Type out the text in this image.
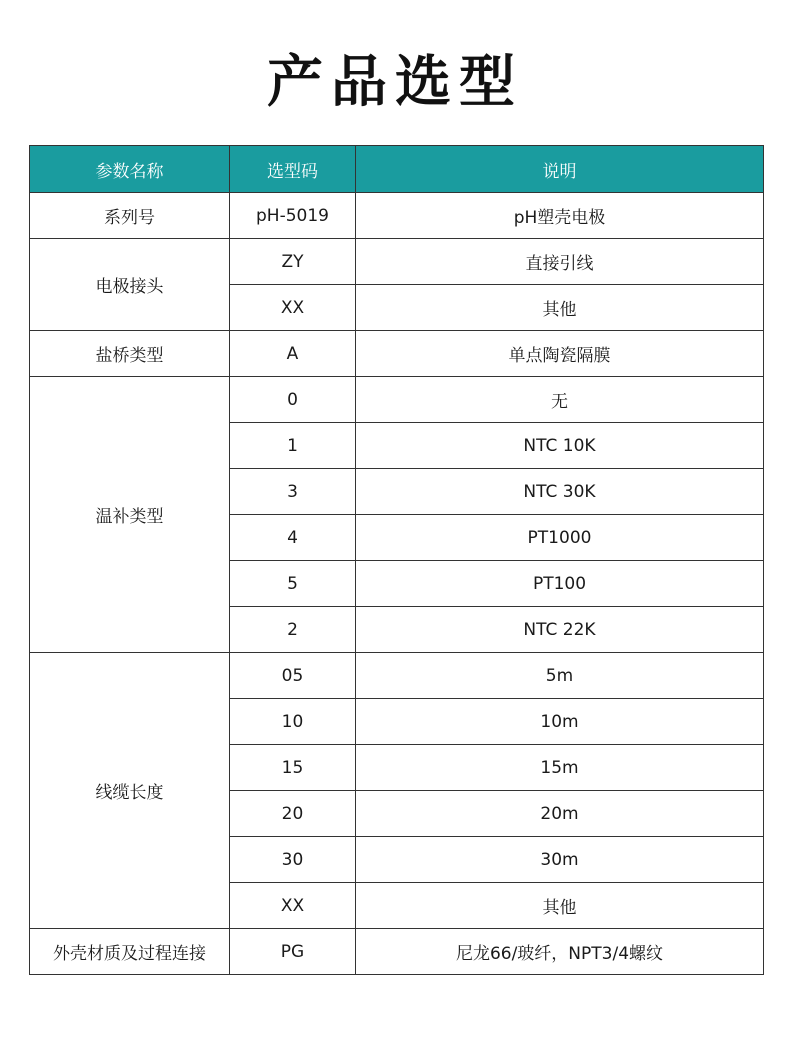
产品选型
参数名称	选型码	说明
系列号	pH-5019	pH塑壳电极
电极接头	ZY	直接引线
	XX	其他
盐桥类型	A	单点陶瓷隔膜
温补类型	0	无
	1	NTC 10K
	3	NTC 30K
	4	PT1000
	5	PT100
	2	NTC 22K
线缆长度	05	5m
	10	10m
	15	15m
	20	20m
	30	30m
	XX	其他
外壳材质及过程连接	PG	尼龙66/玻纤，NPT3/4螺纹
